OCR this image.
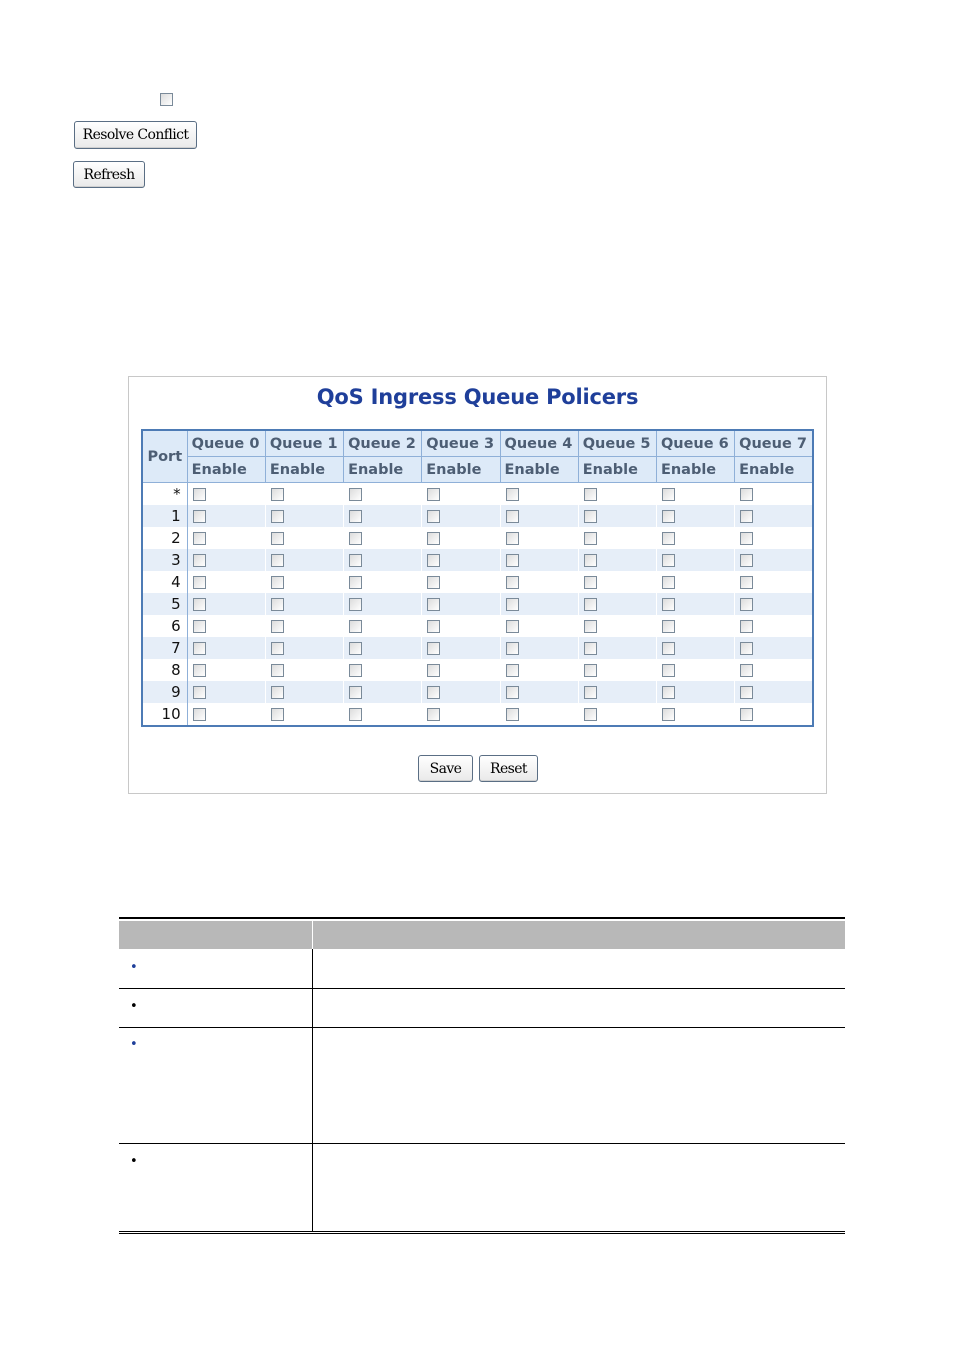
Resolve Conflict
Refresh
QoS Ingress Queue Policers
Port	Queue 0	Queue 1	Queue 2	Queue 3	Queue 4	Queue 5	Queue 6	Queue 7
	Enable	Enable	Enable	Enable	Enable	Enable	Enable	Enable
*								
1								
2								
3								
4								
5								
6								
7								
8								
9								
10								
Save	Reset
•
•
•
•
